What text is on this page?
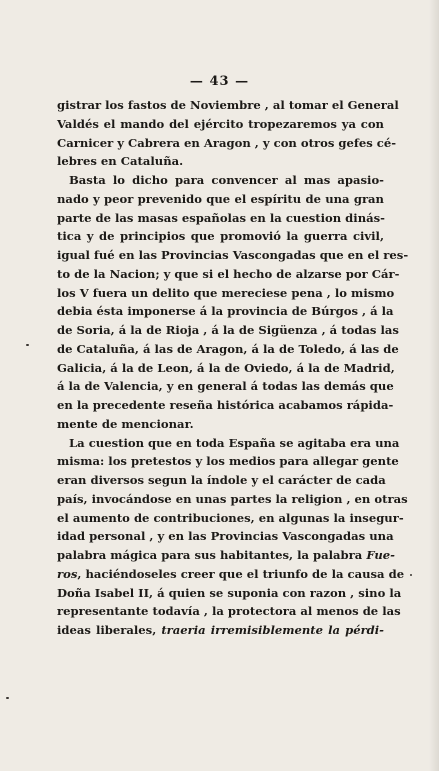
— 43 —
gistrar los fastos de Noviembre , al tomar el General
Valdés el mando del ejército tropezaremos ya con
Carnicer y Cabrera en Aragon , y con otros gefes cé-
lebres en Cataluña.
Basta lo dicho para convencer al mas apasio-
nado y peor prevenido que el espíritu de una gran
parte de las masas españolas en la cuestion dinás-
tica y de principios que promovió la guerra civil,
igual fué en las Provincias Vascongadas que en el res-
to de la Nacion; y que si el hecho de alzarse por Cár-
los V fuera un delito que mereciese pena , lo mismo
debia ésta imponerse á la provincia de Búrgos , á la
de Soria, á la de Rioja , á la de Sigüenza , á todas las
de Cataluña, á las de Aragon, á la de Toledo, á las de
Galicia, á la de Leon, á la de Oviedo, á la de Madrid,
á la de Valencia, y en general á todas las demás que
en la precedente reseña histórica acabamos rápida-
mente de mencionar.
La cuestion que en toda España se agitaba era una
misma: los pretestos y los medios para allegar gente
eran diversos segun la índole y el carácter de cada
país, invocándose en unas partes la religion , en otras
el aumento de contribuciones, en algunas la insegur-
idad personal , y en las Provincias Vascongadas una
palabra mágica para sus habitantes, la palabra Fue-
ros, haciéndoseles creer que el triunfo de la causa de
Doña Isabel II, á quien se suponia con razon , sino la
representante todavía , la protectora al menos de las
ideas liberales, traeria irremisiblemente la pérdi-
